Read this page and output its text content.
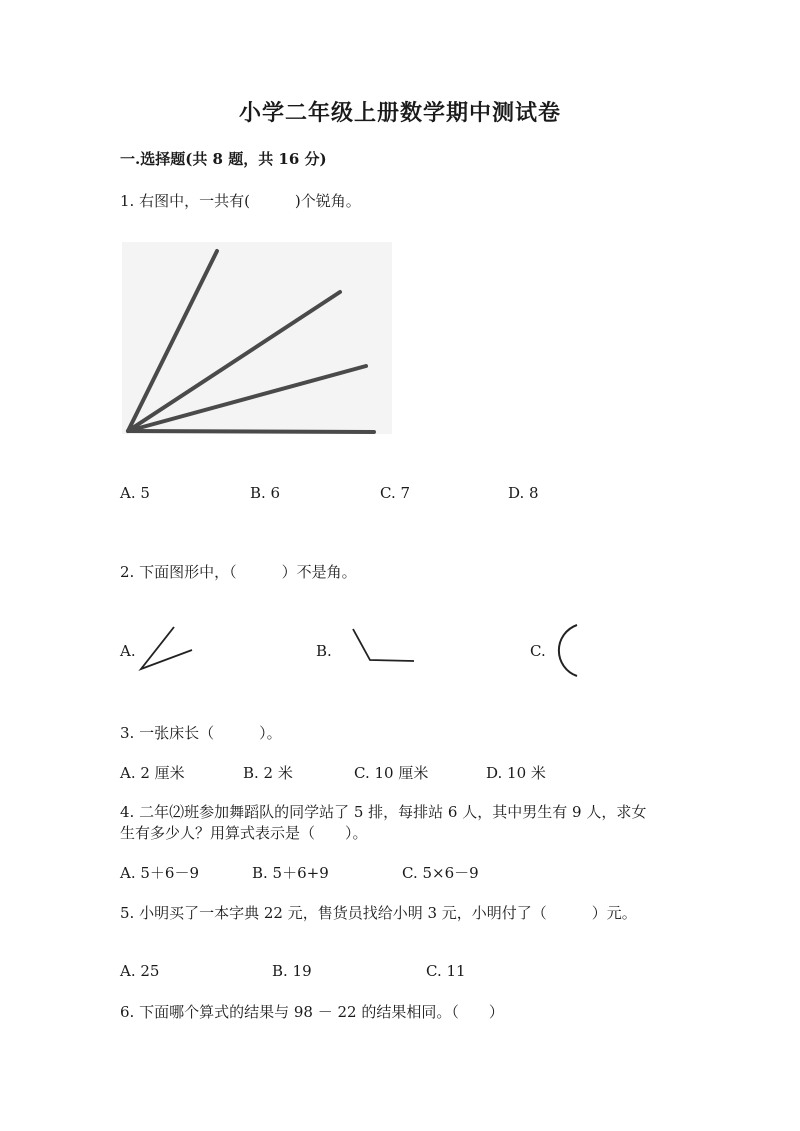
小学二年级上册数学期中测试卷
一.选择题(共 8 题，共 16 分)
1. 右图中，一共有(　　　)个锐角。
A. 5	B. 6	C. 7	D. 8
2. 下面图形中，（　　　）不是角。
A.	B.	C.
3. 一张床长（　　　）。
A. 2 厘米	B. 2 米	C. 10 厘米	D. 10 米
4. 二年⑵班参加舞蹈队的同学站了 5 排，每排站 6 人，其中男生有 9 人，求女
生有多少人？用算式表示是（　　）。
A. 5＋6－9	B. 5＋6+9	C. 5×6－9
5. 小明买了一本字典 22 元，售货员找给小明 3 元，小明付了（　　　）元。
A. 25	B. 19	C. 11
6. 下面哪个算式的结果与 98 － 22 的结果相同。（　　）
